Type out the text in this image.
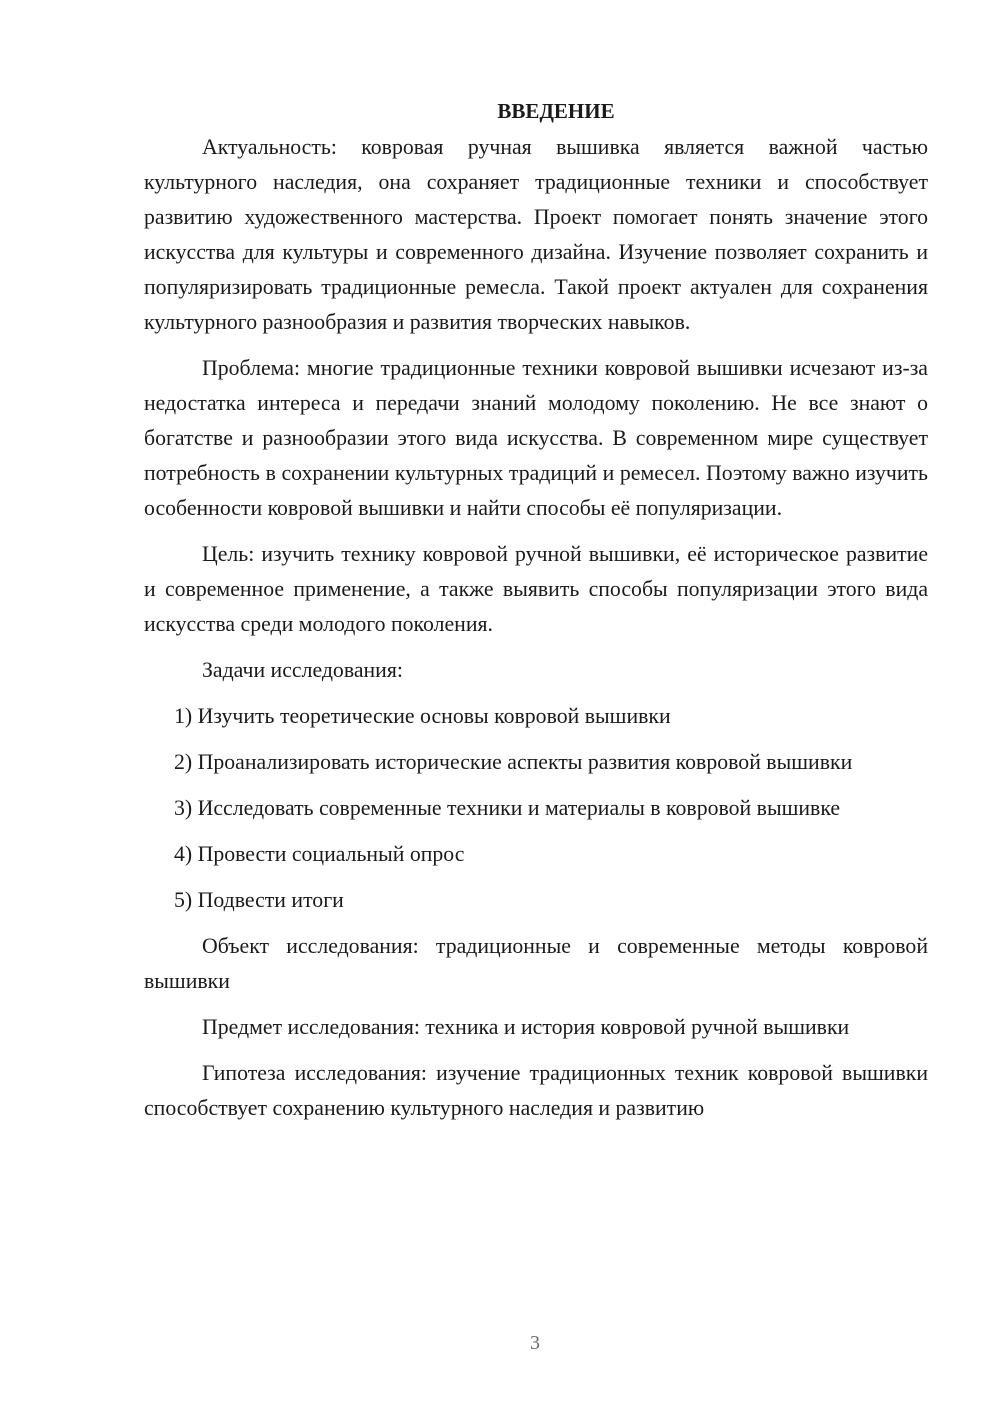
ВВЕДЕНИЕ

Актуальность: ковровая ручная вышивка является важной частью культурного наследия, она сохраняет традиционные техники и способствует развитию художественного мастерства. Проект помогает понять значение этого искусства для культуры и современного дизайна. Изучение позволяет сохранить и популяризировать традиционные ремесла. Такой проект актуален для сохранения культурного разнообразия и развития творческих навыков.

Проблема: многие традиционные техники ковровой вышивки исчезают из-за недостатка интереса и передачи знаний молодому поколению. Не все знают о богатстве и разнообразии этого вида искусства. В современном мире существует потребность в сохранении культурных традиций и ремесел. Поэтому важно изучить особенности ковровой вышивки и найти способы её популяризации.

Цель: изучить технику ковровой ручной вышивки, её историческое развитие и современное применение, а также выявить способы популяризации этого вида искусства среди молодого поколения.

Задачи исследования:

1) Изучить теоретические основы ковровой вышивки

2) Проанализировать исторические аспекты развития ковровой вышивки

3) Исследовать современные техники и материалы в ковровой вышивке

4) Провести социальный опрос

5) Подвести итоги

Объект исследования: традиционные и современные методы ковровой вышивки

Предмет исследования: техника и история ковровой ручной вышивки

Гипотеза исследования: изучение традиционных техник ковровой вышивки способствует сохранению культурного наследия и развитию

3
